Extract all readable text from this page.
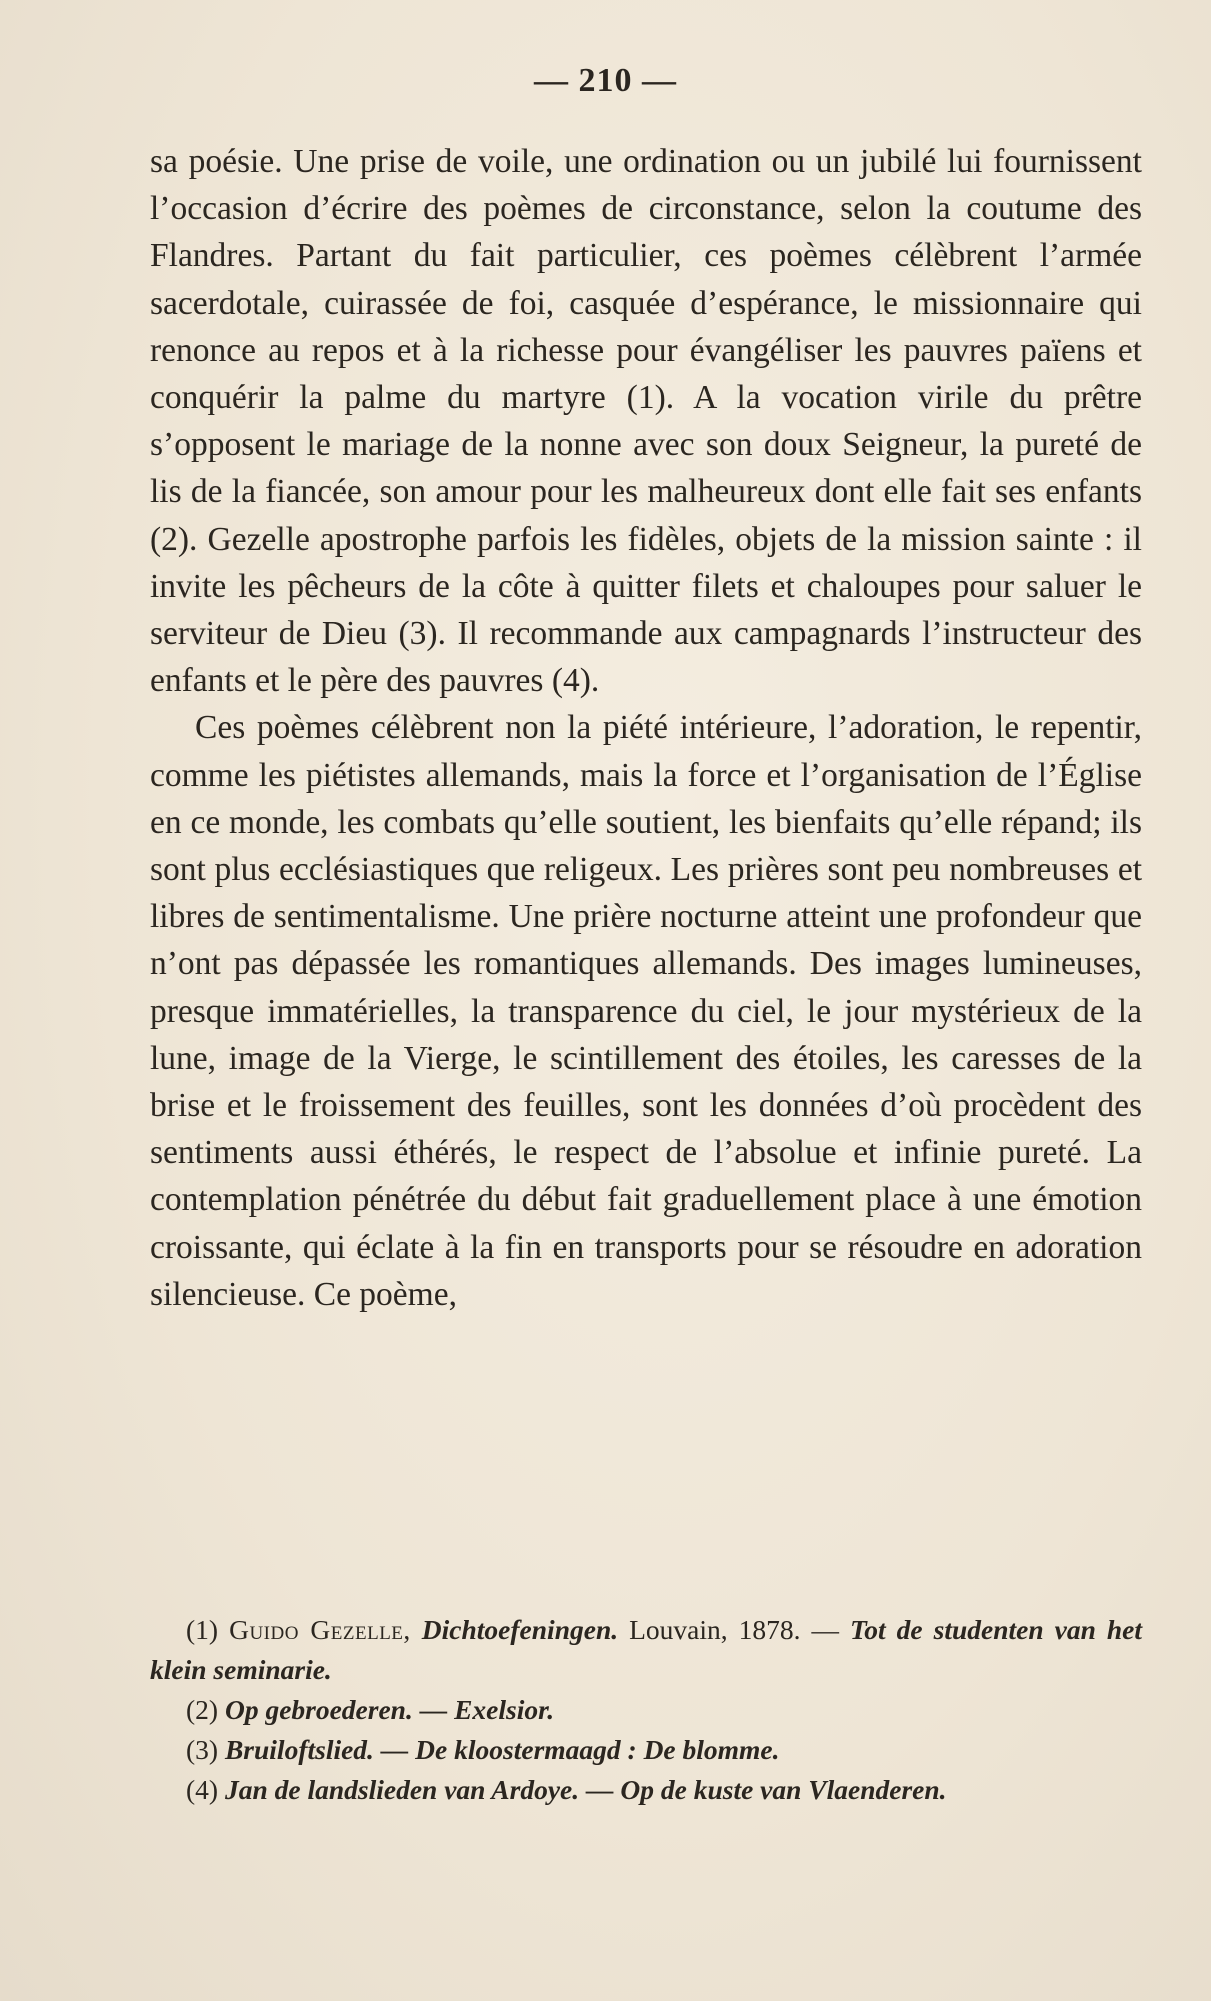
— 210 —

sa poésie. Une prise de voile, une ordination ou un jubilé lui fournissent l’occasion d’écrire des poèmes de circonstance, selon la coutume des Flandres. Partant du fait particulier, ces poèmes célèbrent l’armée sacerdotale, cuirassée de foi, casquée d’espérance, le missionnaire qui renonce au repos et à la richesse pour évangéliser les pauvres païens et conquérir la palme du martyre (1). A la vocation virile du prêtre s’opposent le mariage de la nonne avec son doux Seigneur, la pureté de lis de la fiancée, son amour pour les malheureux dont elle fait ses enfants (2). Gezelle apostrophe parfois les fidèles, objets de la mission sainte : il invite les pêcheurs de la côte à quitter filets et chaloupes pour saluer le serviteur de Dieu (3). Il recommande aux campagnards l’instructeur des enfants et le père des pauvres (4).

Ces poèmes célèbrent non la piété intérieure, l’adoration, le repentir, comme les piétistes allemands, mais la force et l’organisation de l’Église en ce monde, les combats qu’elle soutient, les bienfaits qu’elle répand; ils sont plus ecclésiastiques que religeux. Les prières sont peu nombreuses et libres de sentimentalisme. Une prière nocturne atteint une profondeur que n’ont pas dépassée les romantiques allemands. Des images lumineuses, presque immatérielles, la transparence du ciel, le jour mystérieux de la lune, image de la Vierge, le scintillement des étoiles, les caresses de la brise et le froissement des feuilles, sont les données d’où procèdent des sentiments aussi éthérés, le respect de l’absolue et infinie pureté. La contemplation pénétrée du début fait graduellement place à une émotion croissante, qui éclate à la fin en transports pour se résoudre en adoration silencieuse. Ce poème,

(1) Guido Gezelle, Dichtoefeningen. Louvain, 1878. — Tot de studenten van het klein seminarie.

(2) Op gebroederen. — Exelsior.

(3) Bruiloftslied. — De kloostermaagd : De blomme.

(4) Jan de landslieden van Ardoye. — Op de kuste van Vlaenderen.
